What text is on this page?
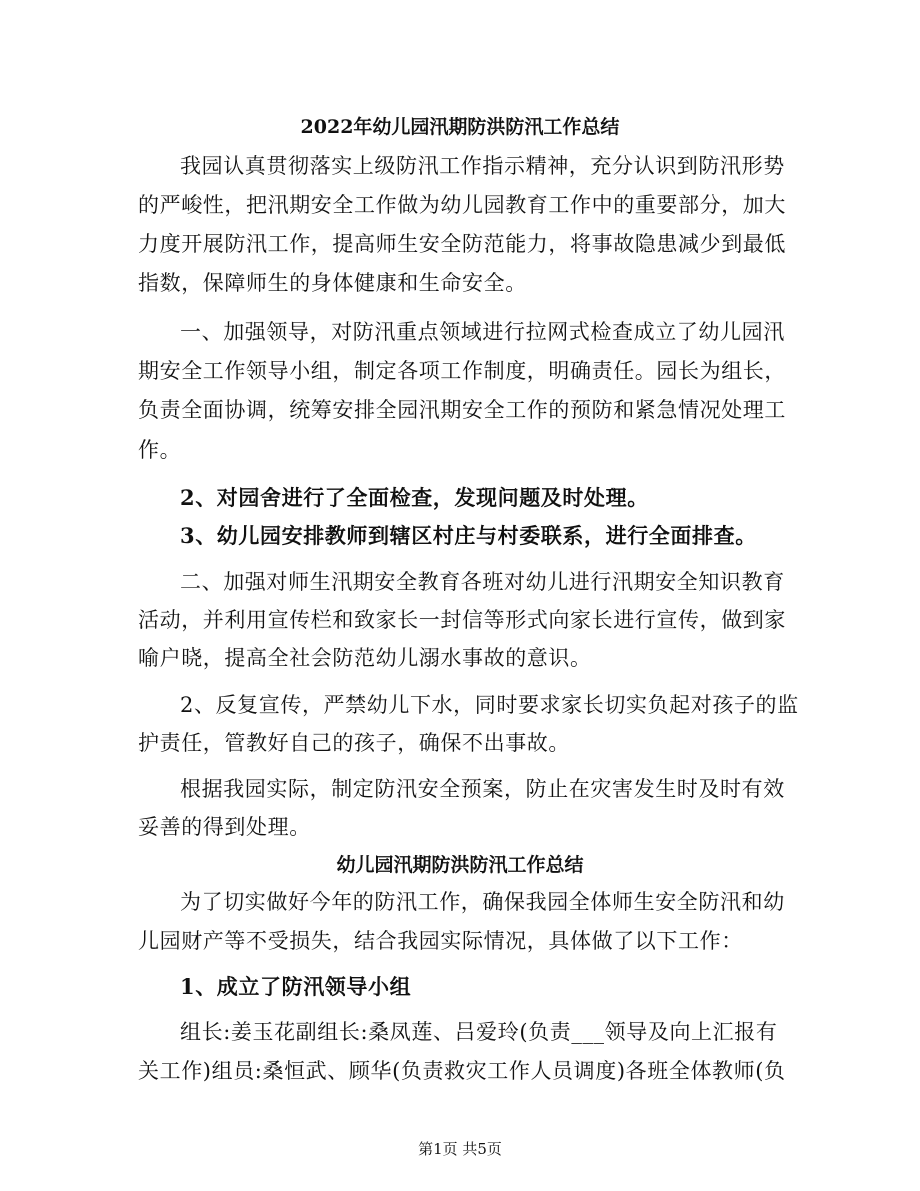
2022年幼儿园汛期防洪防汛工作总结
我园认真贯彻落实上级防汛工作指示精神，充分认识到防汛形势
的严峻性，把汛期安全工作做为幼儿园教育工作中的重要部分，加大
力度开展防汛工作，提高师生安全防范能力，将事故隐患减少到最低
指数，保障师生的身体健康和生命安全。
一、加强领导，对防汛重点领域进行拉网式检查成立了幼儿园汛
期安全工作领导小组，制定各项工作制度，明确责任。园长为组长，
负责全面协调，统筹安排全园汛期安全工作的预防和紧急情况处理工
作。
2、对园舍进行了全面检查，发现问题及时处理。
3、幼儿园安排教师到辖区村庄与村委联系，进行全面排查。
二、加强对师生汛期安全教育各班对幼儿进行汛期安全知识教育
活动，并利用宣传栏和致家长一封信等形式向家长进行宣传，做到家
喻户晓，提高全社会防范幼儿溺水事故的意识。
2、反复宣传，严禁幼儿下水，同时要求家长切实负起对孩子的监
护责任，管教好自己的孩子，确保不出事故。
根据我园实际，制定防汛安全预案，防止在灾害发生时及时有效
妥善的得到处理。
幼儿园汛期防洪防汛工作总结
为了切实做好今年的防汛工作，确保我园全体师生安全防汛和幼
儿园财产等不受损失，结合我园实际情况，具体做了以下工作：
1、成立了防汛领导小组
组长:姜玉花副组长:桑凤莲、吕爱玲(负责___领导及向上汇报有
关工作)组员:桑恒武、顾华(负责救灾工作人员调度)各班全体教师(负
第1页 共5页
